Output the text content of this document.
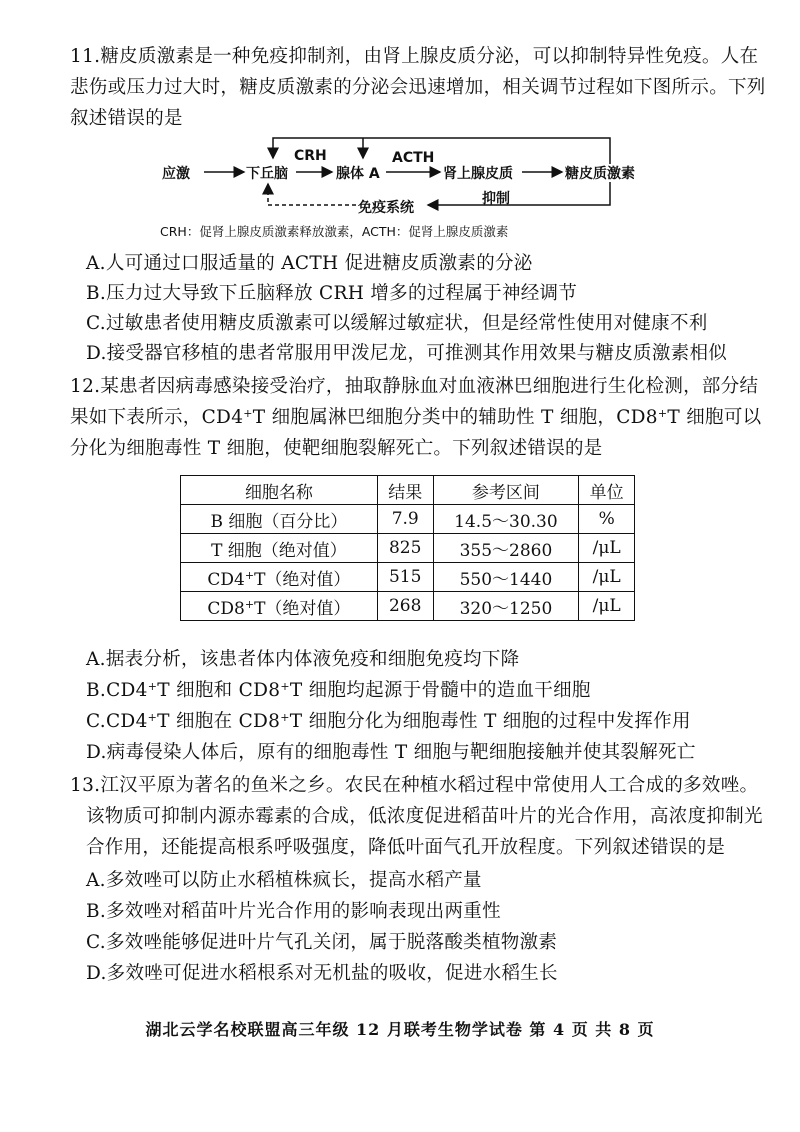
11.糖皮质激素是一种免疫抑制剂，由肾上腺皮质分泌，可以抑制特异性免疫。人在
悲伤或压力过大时，糖皮质激素的分泌会迅速增加，相关调节过程如下图所示。下列
叙述错误的是
应激	下丘脑	腺体 A	肾上腺皮质	糖皮质激素
免疫系统
CRH	ACTH
抑制
CRH：促肾上腺皮质激素释放激素，ACTH：促肾上腺皮质激素
A.人可通过口服适量的 ACTH 促进糖皮质激素的分泌
B.压力过大导致下丘脑释放 CRH 增多的过程属于神经调节
C.过敏患者使用糖皮质激素可以缓解过敏症状，但是经常性使用对健康不利
D.接受器官移植的患者常服用甲泼尼龙，可推测其作用效果与糖皮质激素相似
12.某患者因病毒感染接受治疗，抽取静脉血对血液淋巴细胞进行生化检测，部分结
果如下表所示，CD4+T 细胞属淋巴细胞分类中的辅助性 T 细胞，CD8+T 细胞可以
分化为细胞毒性 T 细胞，使靶细胞裂解死亡。下列叙述错误的是
细胞名称	结果	参考区间	单位
B 细胞（百分比）	7.9	14.5～30.30	%
T 细胞（绝对值）	825	355～2860	/μL
CD4+T（绝对值）	515	550～1440	/μL
CD8+T（绝对值）	268	320～1250	/μL
A.据表分析，该患者体内体液免疫和细胞免疫均下降
B.CD4+T 细胞和 CD8+T 细胞均起源于骨髓中的造血干细胞
C.CD4+T 细胞在 CD8+T 细胞分化为细胞毒性 T 细胞的过程中发挥作用
D.病毒侵染人体后，原有的细胞毒性 T 细胞与靶细胞接触并使其裂解死亡
13.江汉平原为著名的鱼米之乡。农民在种植水稻过程中常使用人工合成的多效唑。
该物质可抑制内源赤霉素的合成，低浓度促进稻苗叶片的光合作用，高浓度抑制光
合作用，还能提高根系呼吸强度，降低叶面气孔开放程度。下列叙述错误的是
A.多效唑可以防止水稻植株疯长，提高水稻产量
B.多效唑对稻苗叶片光合作用的影响表现出两重性
C.多效唑能够促进叶片气孔关闭，属于脱落酸类植物激素
D.多效唑可促进水稻根系对无机盐的吸收，促进水稻生长
湖北云学名校联盟高三年级 12 月联考生物学试卷 第 4 页 共 8 页
